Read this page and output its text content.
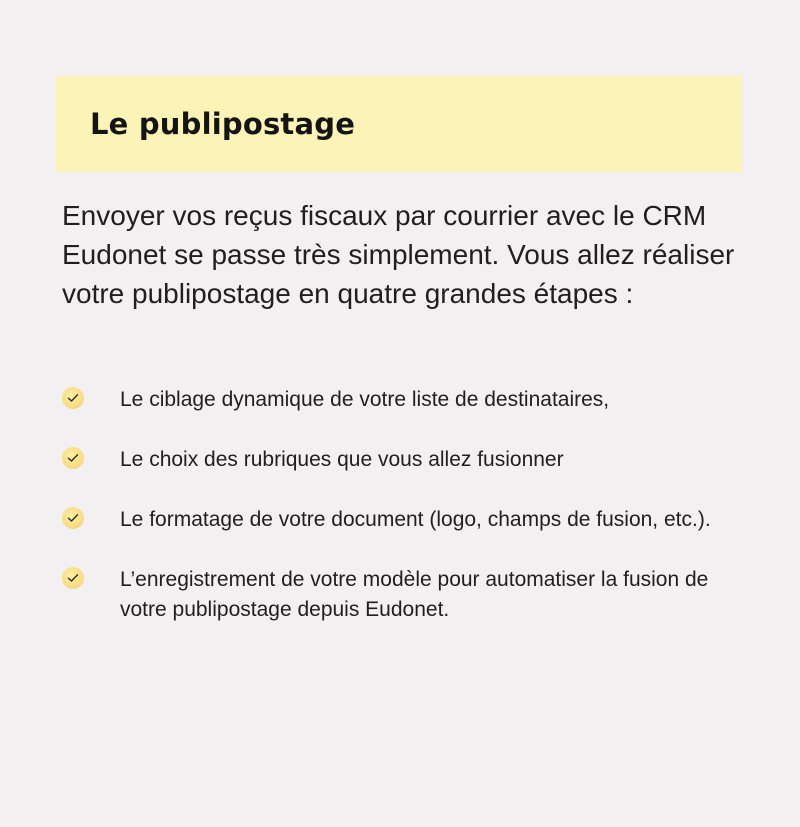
Le publipostage

Envoyer vos reçus fiscaux par courrier avec le CRM Eudonet se passe très simplement. Vous allez réaliser votre publipostage en quatre grandes étapes :

Le ciblage dynamique de votre liste de destinataires,
Le choix des rubriques que vous allez fusionner
Le formatage de votre document (logo, champs de fusion, etc.).
L’enregistrement de votre modèle pour automatiser la fusion de votre publipostage depuis Eudonet.
